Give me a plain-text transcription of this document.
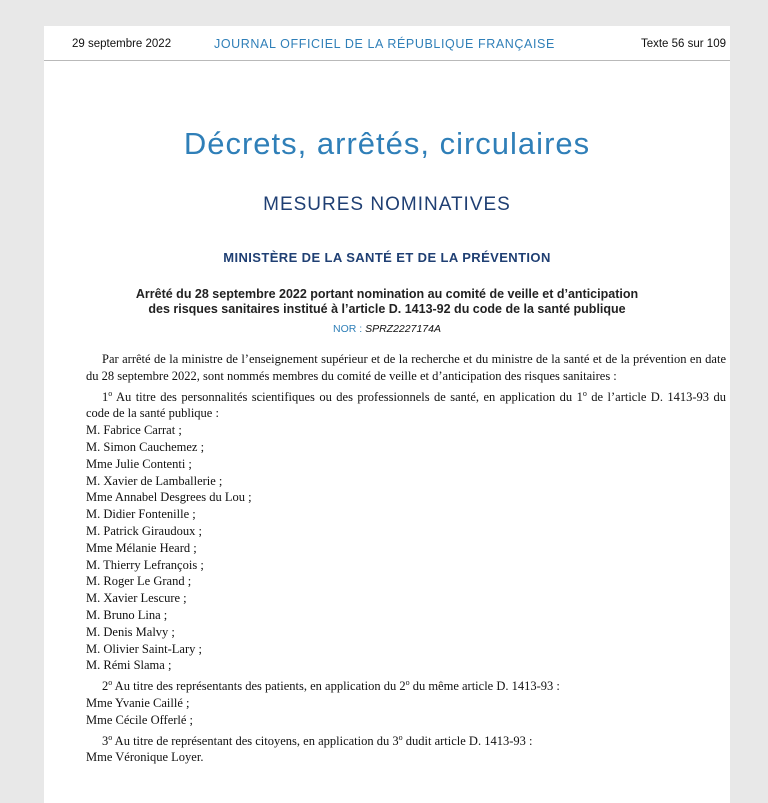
29 septembre 2022	JOURNAL OFFICIEL DE LA RÉPUBLIQUE FRANÇAISE	Texte 56 sur 109
Décrets, arrêtés, circulaires
MESURES NOMINATIVES
MINISTÈRE DE LA SANTÉ ET DE LA PRÉVENTION
Arrêté du 28 septembre 2022 portant nomination au comité de veille et d’anticipation
des risques sanitaires institué à l’article D. 1413-92 du code de la santé publique
NOR : SPRZ2227174A

Par arrêté de la ministre de l’enseignement supérieur et de la recherche et du ministre de la santé et de la prévention en date du 28 septembre 2022, sont nommés membres du comité de veille et d’anticipation des risques sanitaires :

1$^o$ Au titre des personnalités scientifiques ou des professionnels de santé, en application du 1$^o$ de l’article D. 1413-93 du code de la santé publique :

M. Fabrice Carrat ;
M. Simon Cauchemez ;
Mme Julie Contenti ;
M. Xavier de Lamballerie ;
Mme Annabel Desgrees du Lou ;
M. Didier Fontenille ;
M. Patrick Giraudoux ;
Mme Mélanie Heard ;
M. Thierry Lefrançois ;
M. Roger Le Grand ;
M. Xavier Lescure ;
M. Bruno Lina ;
M. Denis Malvy ;
M. Olivier Saint-Lary ;
M. Rémi Slama ;

2$^o$ Au titre des représentants des patients, en application du 2$^o$ du même article D. 1413-93 :

Mme Yvanie Caillé ;
Mme Cécile Offerlé ;

3$^o$ Au titre de représentant des citoyens, en application du 3$^o$ dudit article D. 1413-93 :

Mme Véronique Loyer.
